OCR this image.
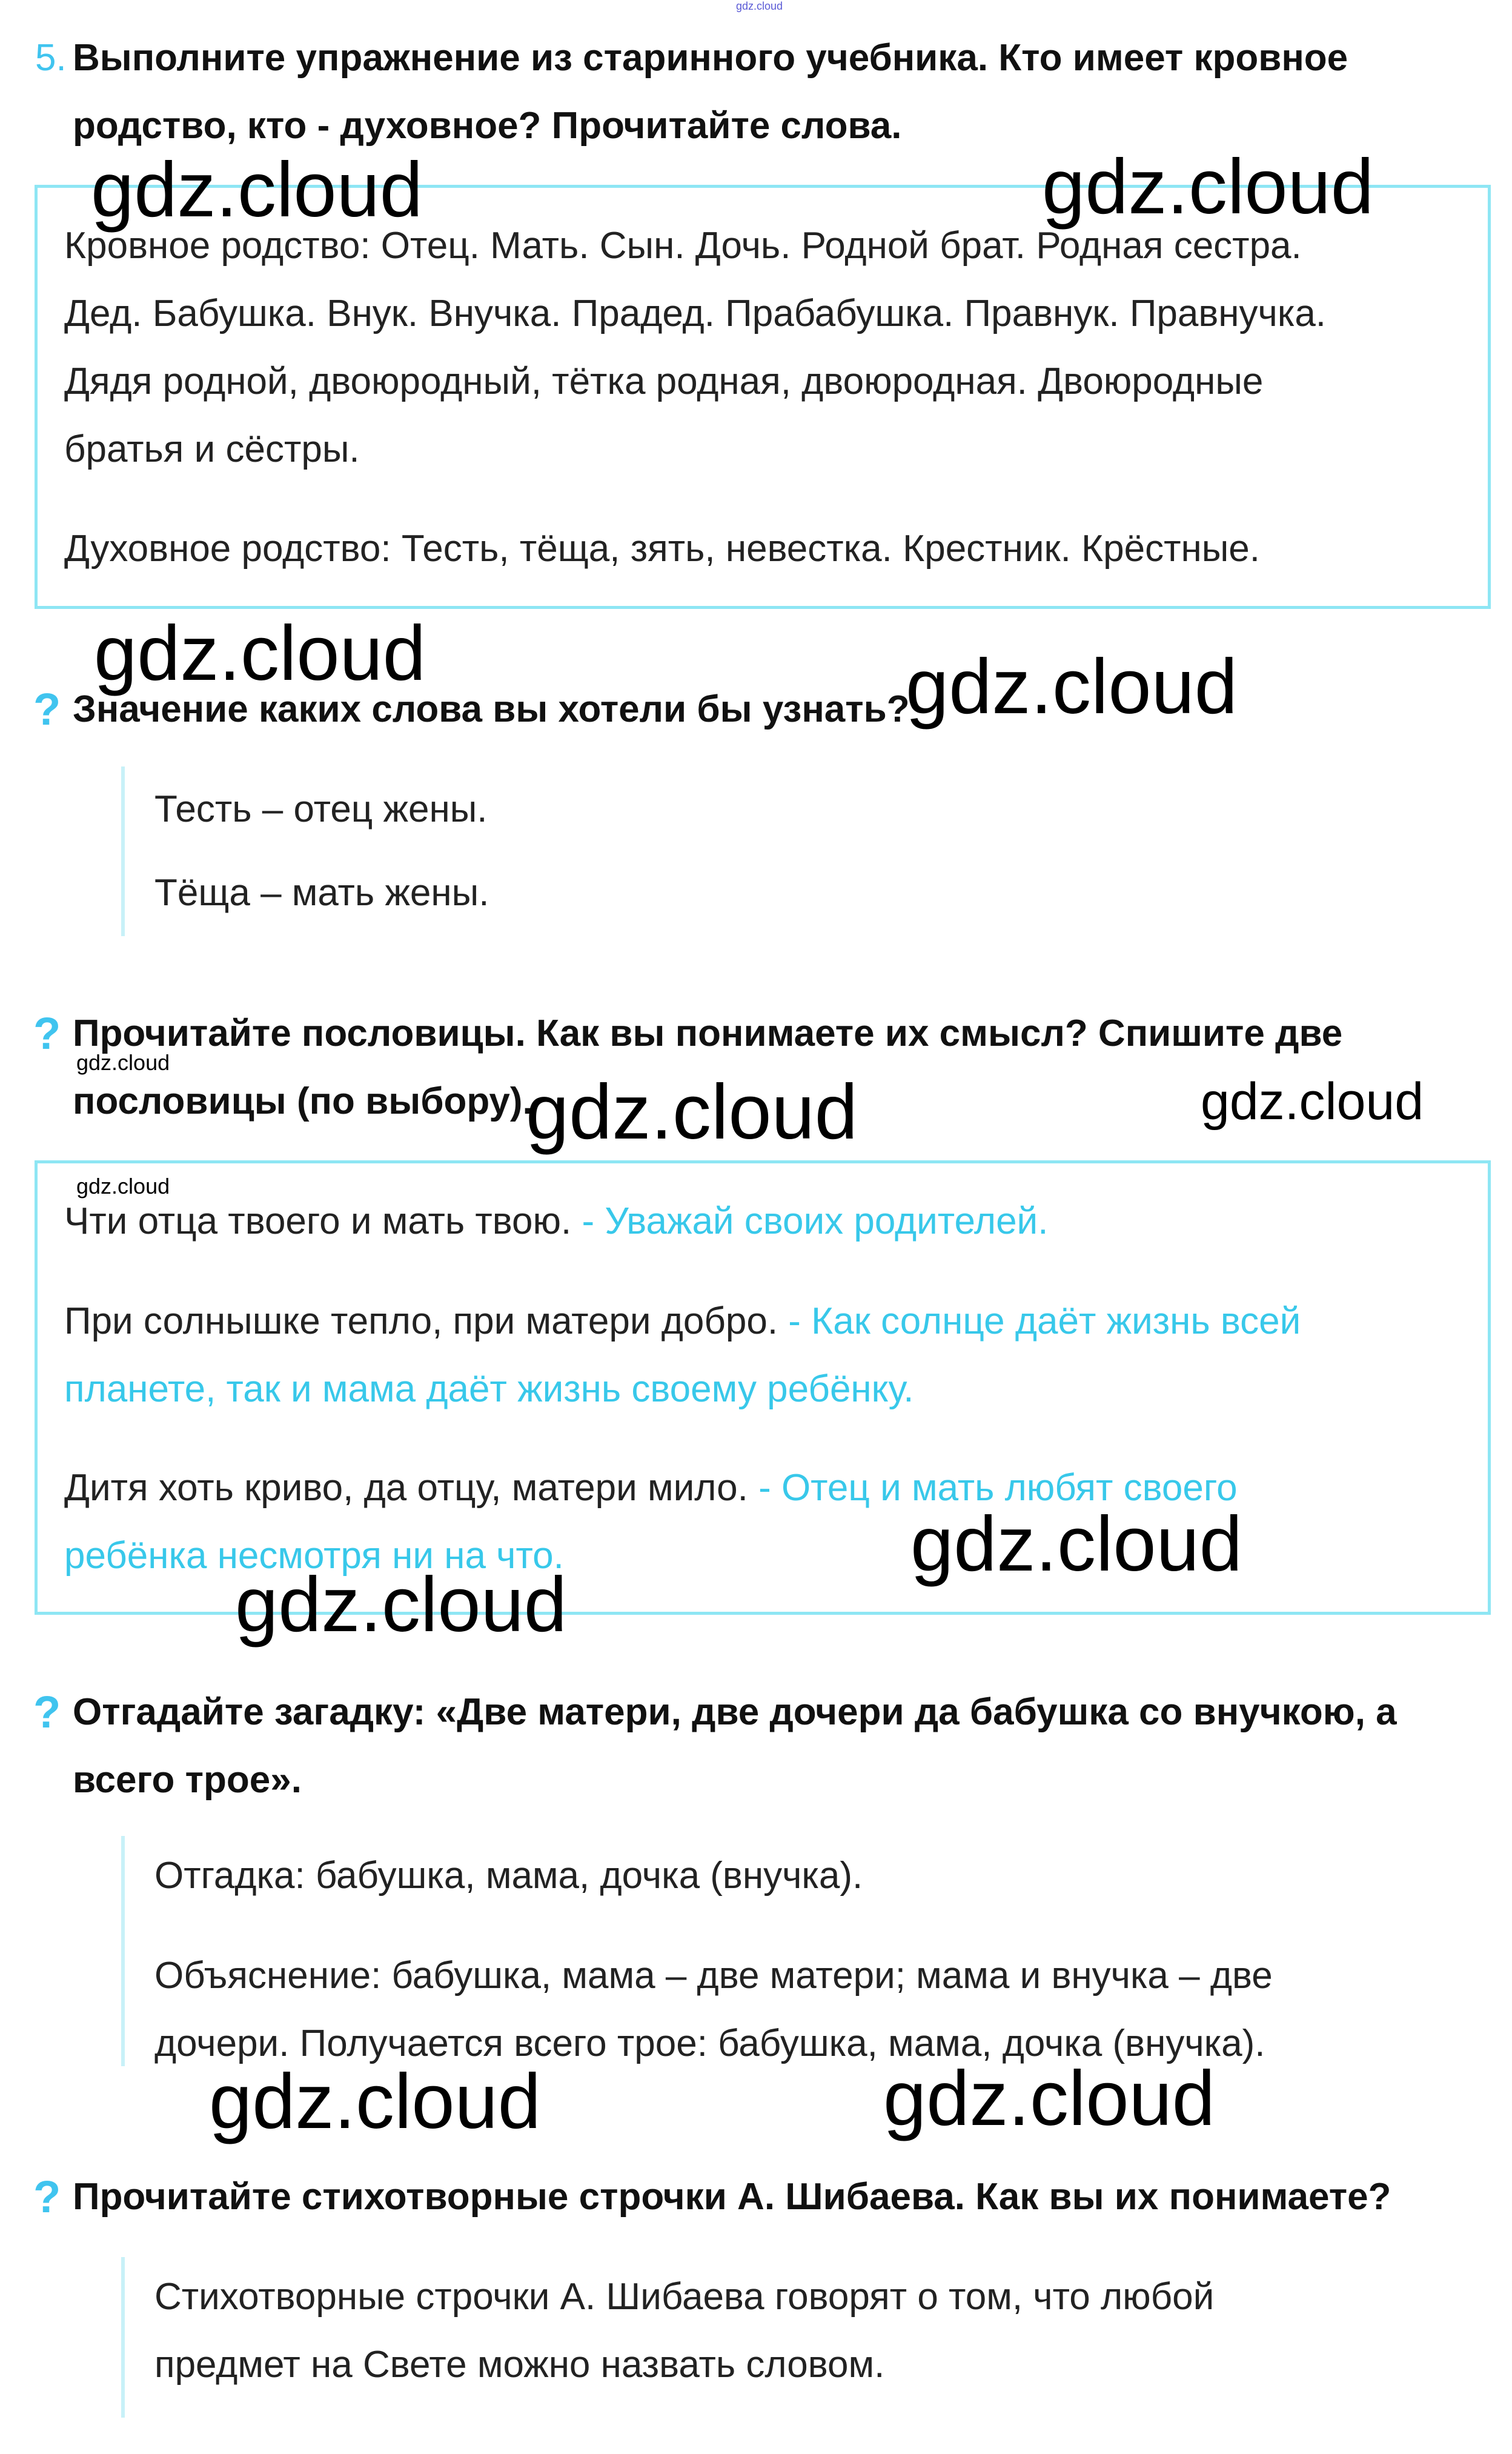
gdz.cloud
5. Выполните упражнение из старинного учебника. Кто имеет кровное
родство, кто - духовное? Прочитайте слова.
Кровное родство: Отец. Мать. Сын. Дочь. Родной брат. Родная сестра.
Дед. Бабушка. Внук. Внучка. Прадед. Прабабушка. Правнук. Правнучка.
Дядя родной, двоюродный, тётка родная, двоюродная. Двоюродные
братья и сёстры.
Духовное родство: Тесть, тёща, зять, невестка. Крестник. Крёстные.
? Значение каких слова вы хотели бы узнать?
Тесть – отец жены.
Тёща – мать жены.
? Прочитайте пословицы. Как вы понимаете их смысл? Спишите две
пословицы (по выбору).
Чти отца твоего и мать твою. - Уважай своих родителей.
При солнышке тепло, при матери добро. - Как солнце даёт жизнь всей
планете, так и мама даёт жизнь своему ребёнку.
Дитя хоть криво, да отцу, матери мило. - Отец и мать любят своего
ребёнка несмотря ни на что.
? Отгадайте загадку: «Две матери, две дочери да бабушка со внучкою, а
всего трое».
Отгадка: бабушка, мама, дочка (внучка).
Объяснение: бабушка, мама – две матери; мама и внучка – две
дочери. Получается всего трое: бабушка, мама, дочка (внучка).
? Прочитайте стихотворные строчки А. Шибаева. Как вы их понимаете?
Стихотворные строчки А. Шибаева говорят о том, что любой
предмет на Свете можно назвать словом.
gdz.cloud	gdz.cloud
gdz.cloud	gdz.cloud
gdz.cloud
gdz.cloud	gdz.cloud
gdz.cloud
gdz.cloud
gdz.cloud
gdz.cloud	gdz.cloud
